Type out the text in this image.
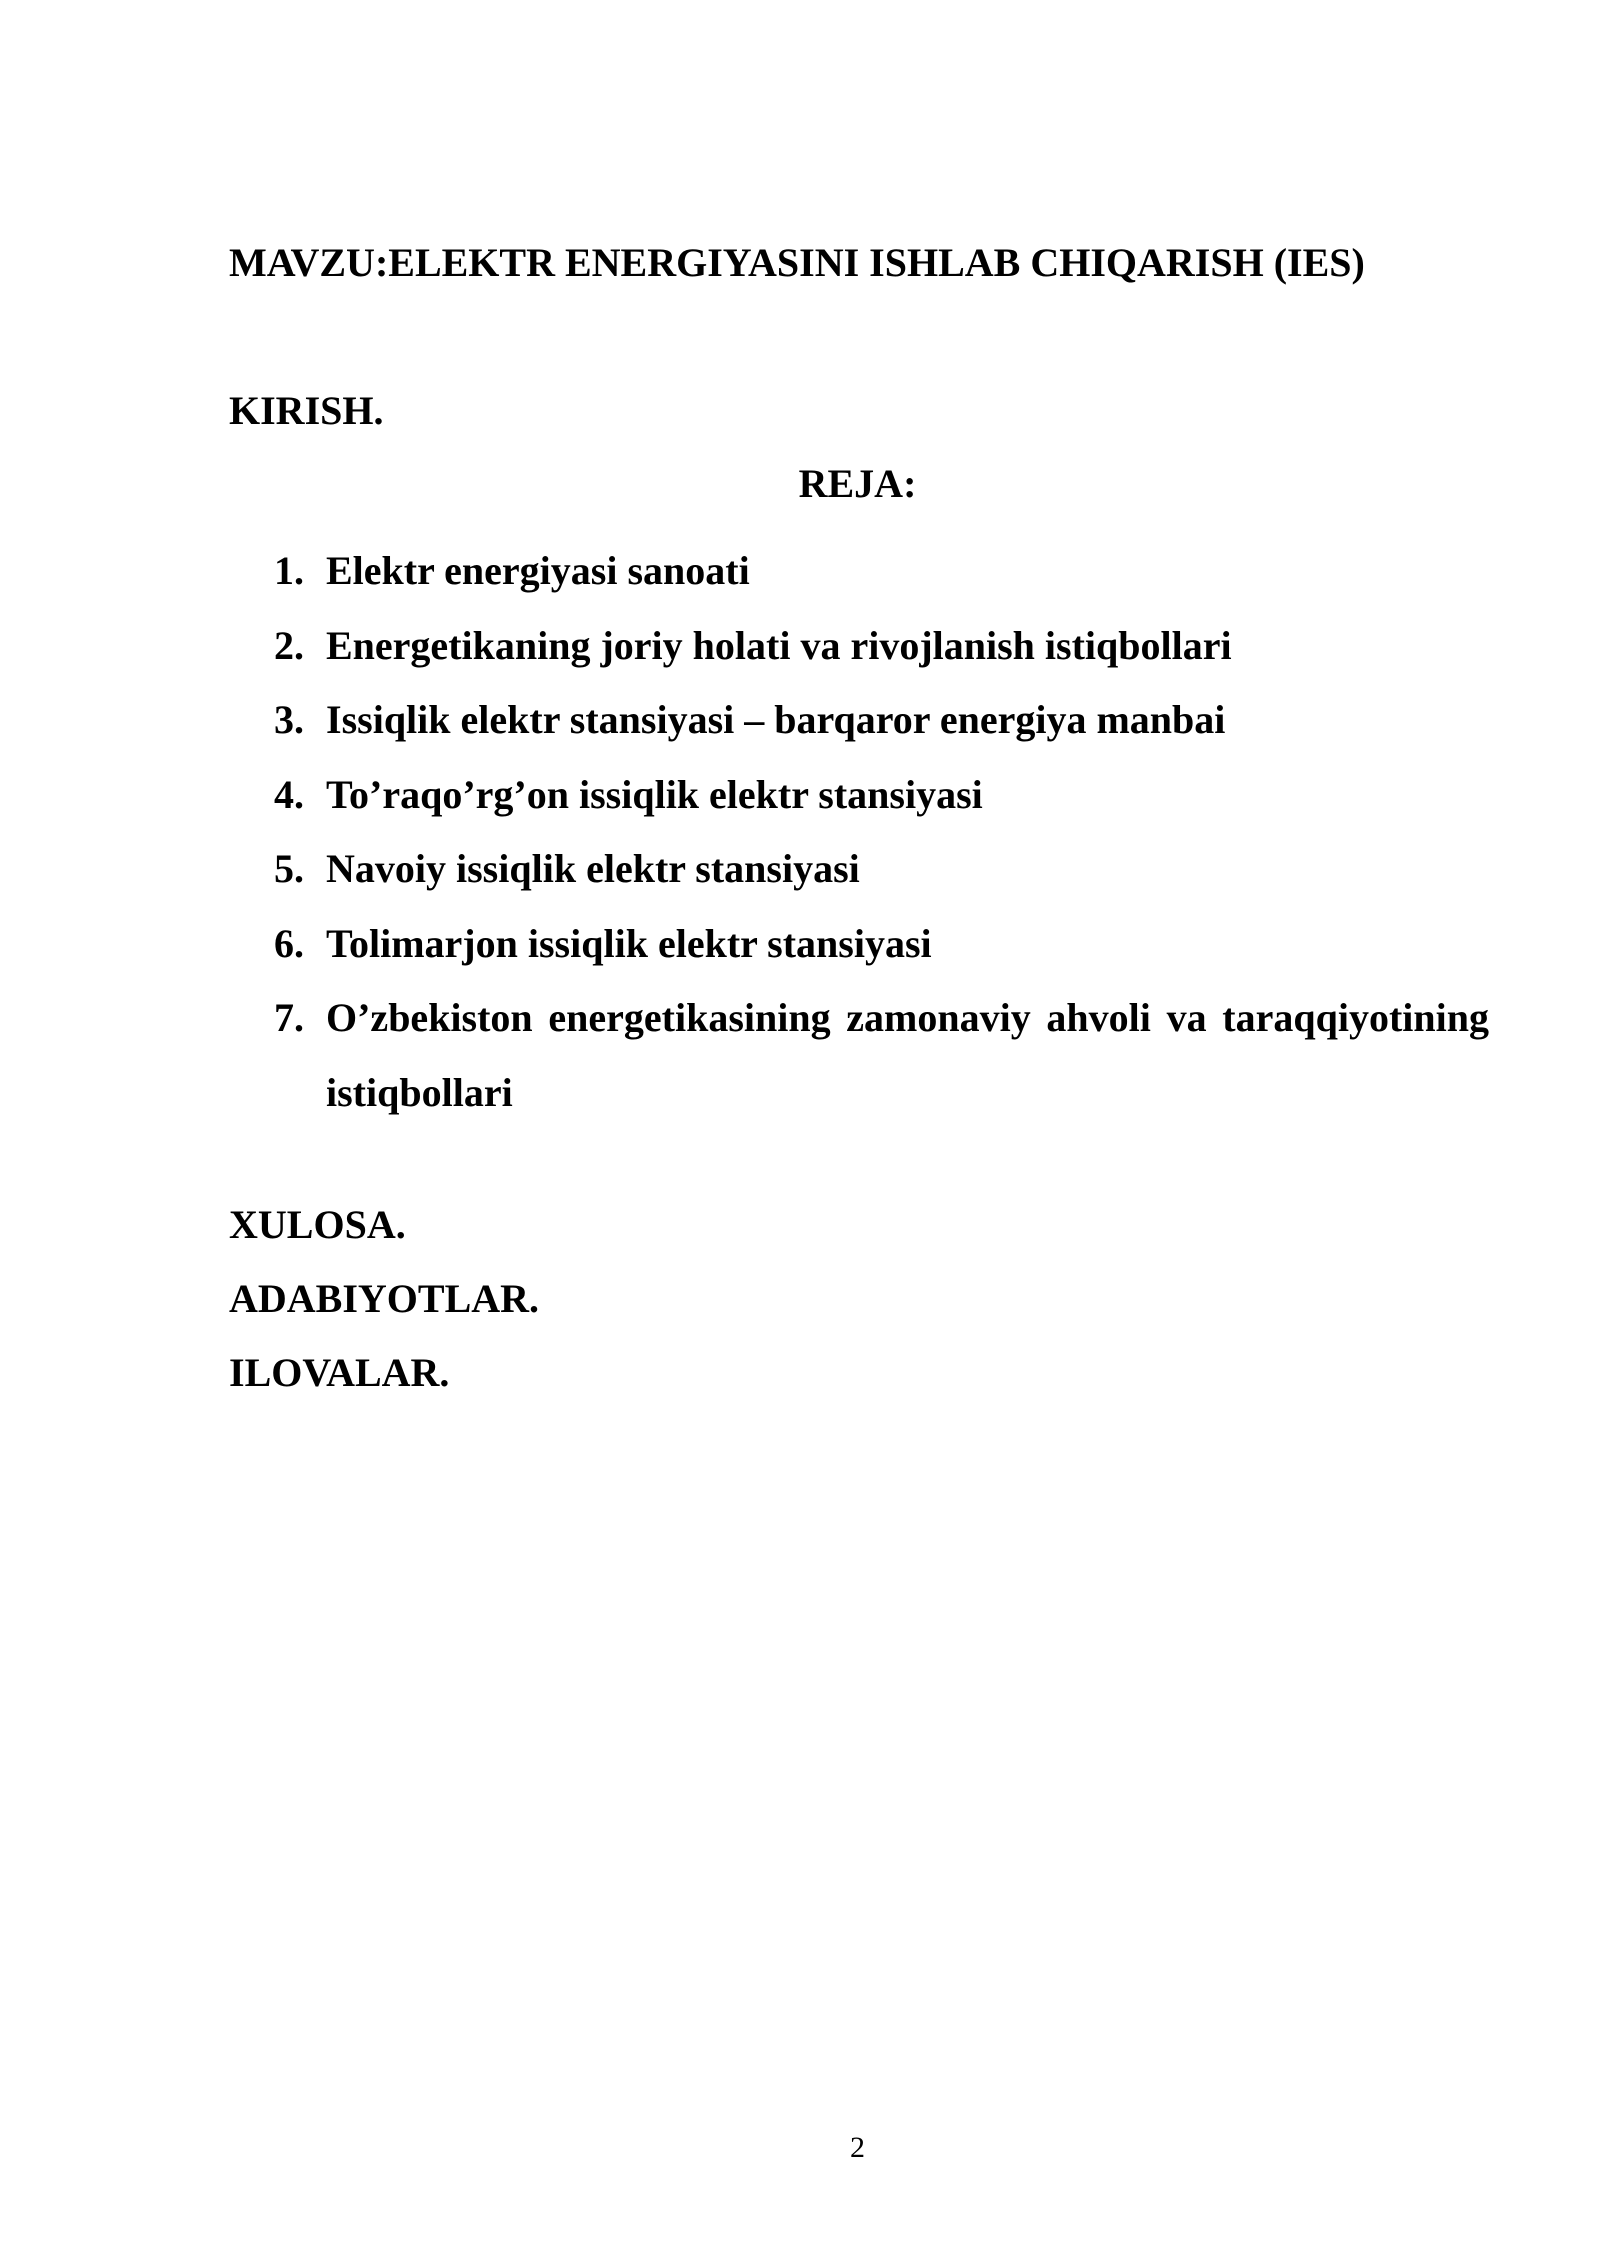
MAVZU:ELEKTR ENERGIYASINI ISHLAB CHIQARISH (IES)
KIRISH.
REJA:
1. Elektr energiyasi sanoati
2. Energetikaning joriy holati va rivojlanish istiqbollari
3. Issiqlik elektr stansiyasi – barqaror energiya manbai
4. To’raqo’rg’on issiqlik elektr stansiyasi
5. Navoiy issiqlik elektr stansiyasi
6. Tolimarjon issiqlik elektr stansiyasi
7. O’zbekiston energetikasining zamonaviy ahvoli va taraqqiyotining istiqbollari
XULOSA.
ADABIYOTLAR.
ILOVALAR.
2
